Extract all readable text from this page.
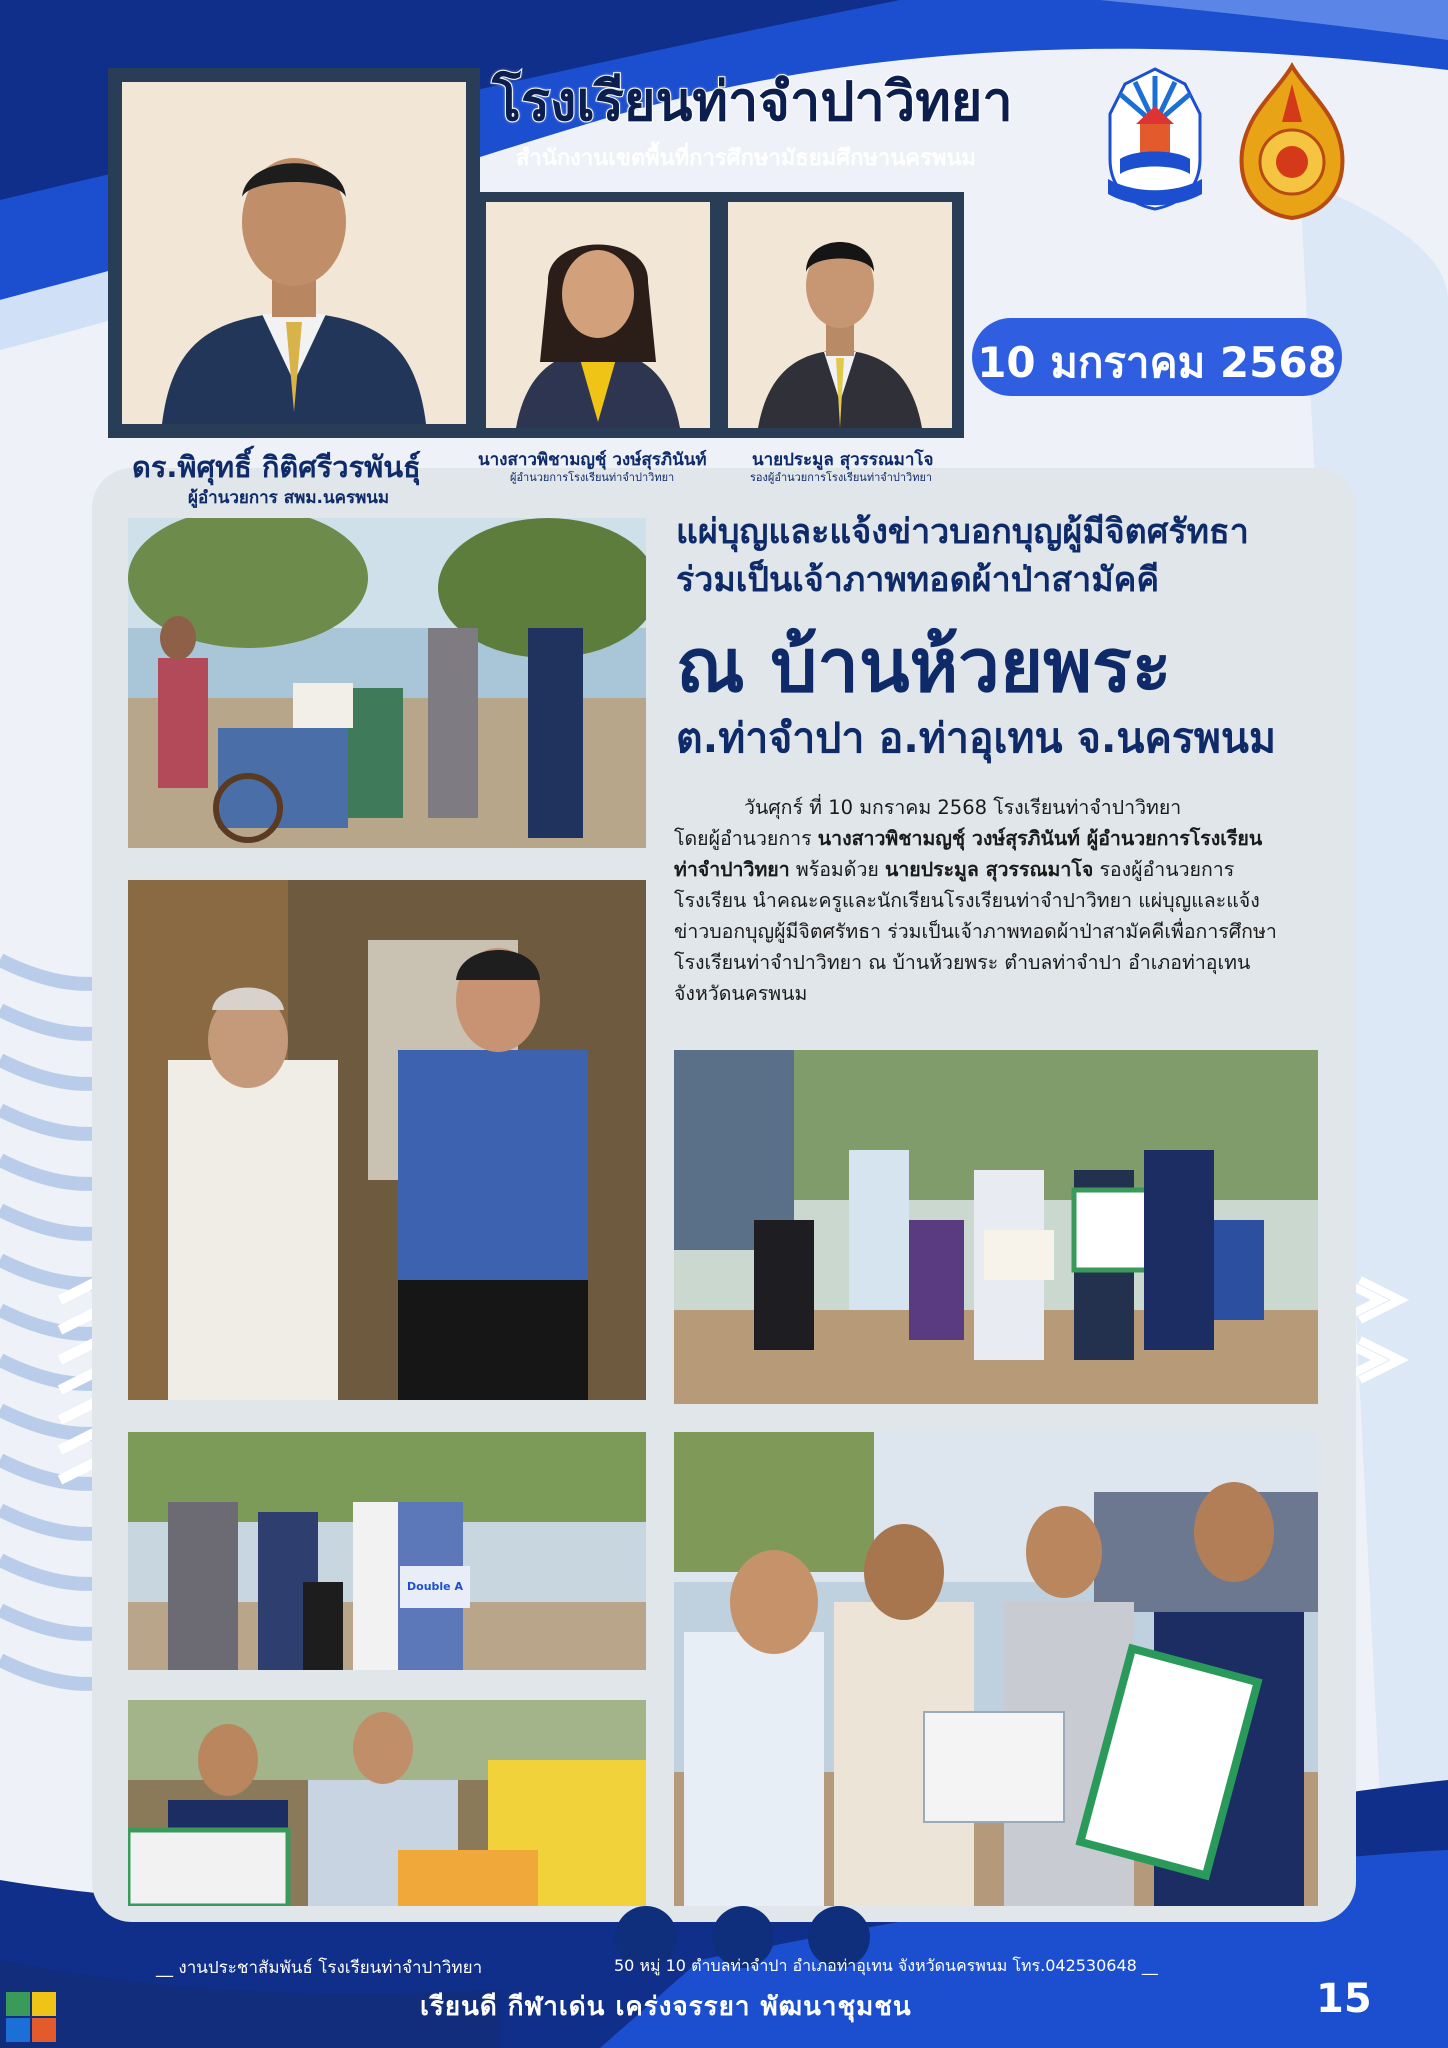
โรงเรียนท่าจำปาวิทยา
สำนักงานเขตพื้นที่การศึกษามัธยมศึกษานครพนม
10 มกราคม 2568
ดร.พิศุทธิ์ กิติศรีวรพันธุ์
ผู้อำนวยการ สพม.นครพนม
นางสาวพิชามญชุ์ วงษ์สุรภินันท์
ผู้อำนวยการโรงเรียนท่าจำปาวิทยา
นายประมูล สุวรรณมาโจ
รองผู้อำนวยการโรงเรียนท่าจำปาวิทยา
แผ่บุญและแจ้งข่าวบอกบุญผู้มีจิตศรัทธา
ร่วมเป็นเจ้าภาพทอดผ้าป่าสามัคคี
ณ บ้านห้วยพระ
ต.ท่าจำปา อ.ท่าอุเทน จ.นครพนม

วันศุกร์ ที่ 10 มกราคม 2568 โรงเรียนท่าจำปาวิทยา

โดยผู้อำนวยการ นางสาวพิชามญชุ์ วงษ์สุรภินันท์ ผู้อำนวยการโรงเรียน

ท่าจำปาวิทยา พร้อมด้วย นายประมูล สุวรรณมาโจ รองผู้อำนวยการ

โรงเรียน นำคณะครูและนักเรียนโรงเรียนท่าจำปาวิทยา แผ่บุญและแจ้ง

ข่าวบอกบุญผู้มีจิตศรัทธา ร่วมเป็นเจ้าภาพทอดผ้าป่าสามัคคีเพื่อการศึกษา

โรงเรียนท่าจำปาวิทยา ณ บ้านห้วยพระ ตำบลท่าจำปา อำเภอท่าอุเทน

จังหวัดนครพนม

Double A
__ งานประชาสัมพันธ์ โรงเรียนท่าจำปาวิทยา	50 หมู่ 10 ตำบลท่าจำปา อำเภอท่าอุเทน จังหวัดนครพนม โทร.042530648 __
เรียนดี กีฬาเด่น เคร่งจรรยา พัฒนาชุมชน	15
